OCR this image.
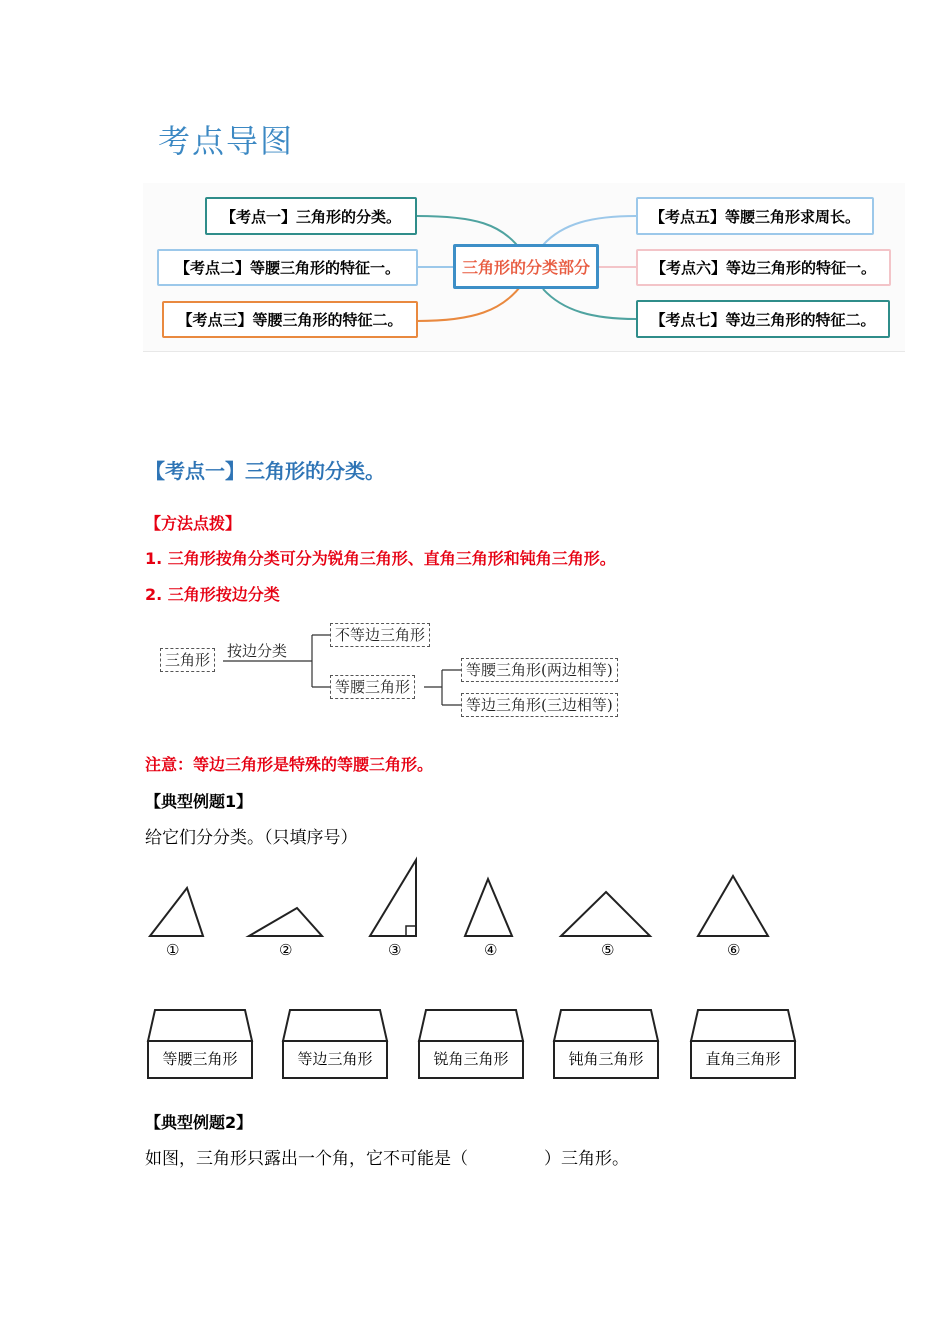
考点导图
【考点一】三角形的分类。
【考点二】等腰三角形的特征一。
【考点三】等腰三角形的特征二。
三角形的分类部分
【考点五】等腰三角形求周长。
【考点六】等边三角形的特征一。
【考点七】等边三角形的特征二。
【考点一】三角形的分类。
【方法点拨】
1. 三角形按角分类可分为锐角三角形、直角三角形和钝角三角形。
2. 三角形按边分类
三角形	按边分类
不等边三角形
等腰三角形
等腰三角形(两边相等)
等边三角形(三边相等)
注意：等边三角形是特殊的等腰三角形。
【典型例题1】
给它们分分类。（只填序号）
①	②	③	④	⑤	⑥
等腰三角形	等边三角形	锐角三角形	钝角三角形	直角三角形
【典型例题2】
如图，三角形只露出一个角，它不可能是（	）三角形。
